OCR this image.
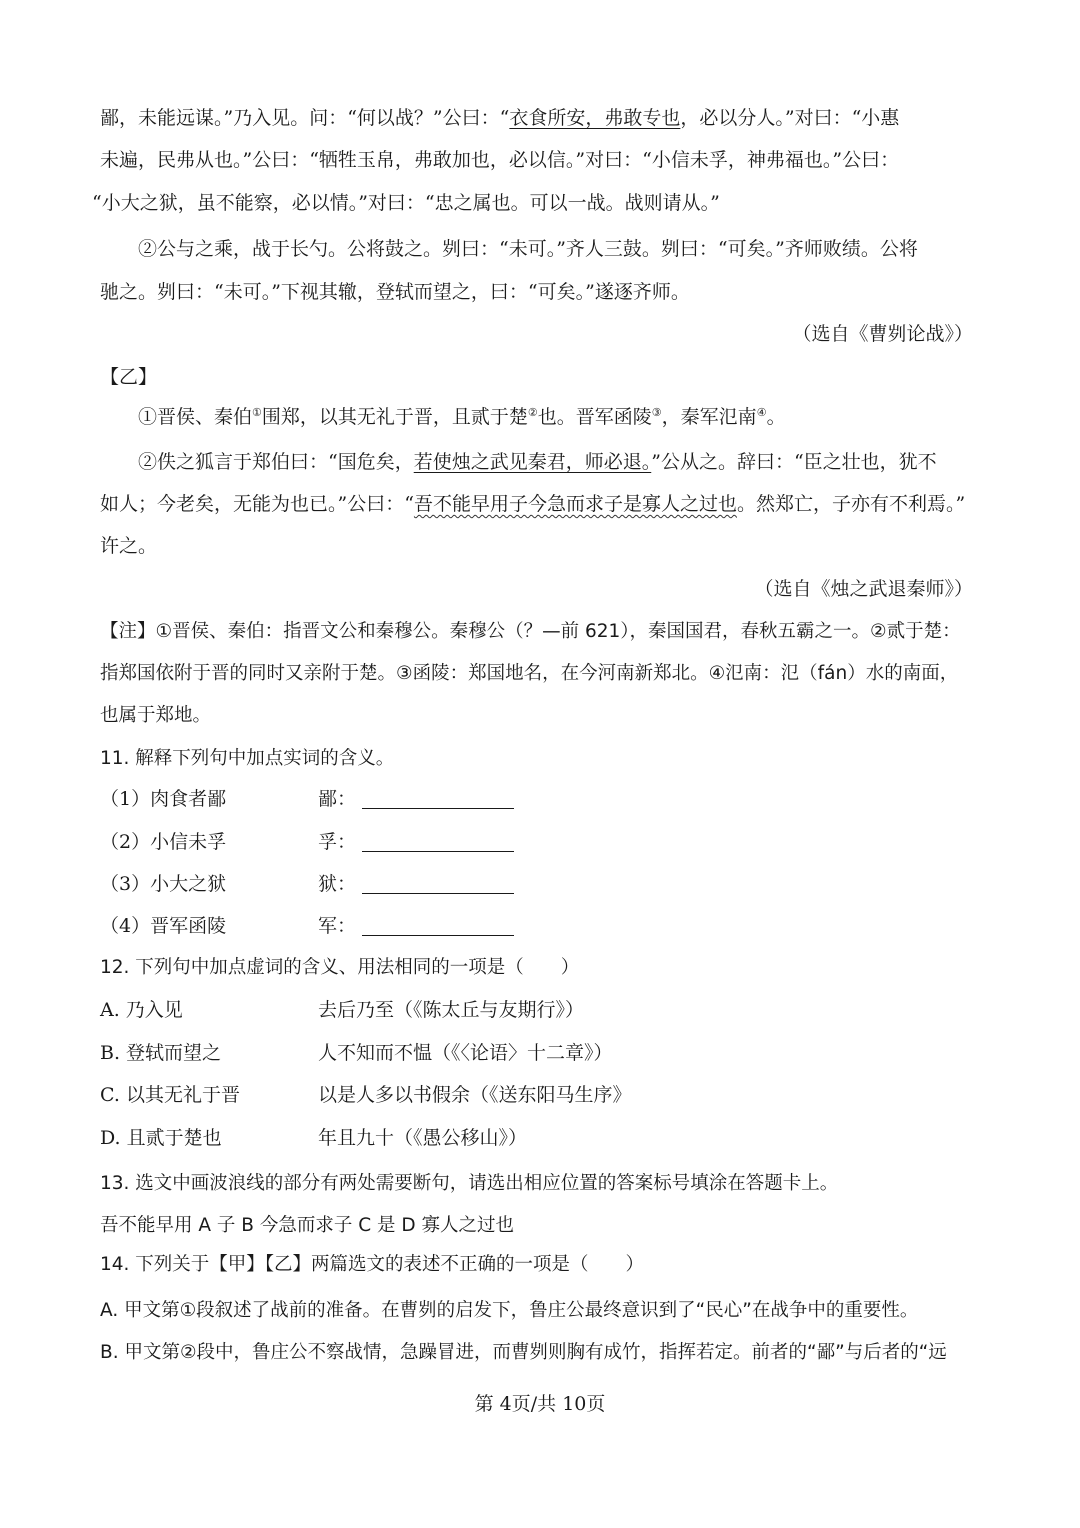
鄙，未能远谋。”乃入见。问：“何以战？”公曰：“衣食所安，弗敢专也，必以分人。”对曰：“小惠
未遍，民弗从也。”公曰：“牺牲玉帛，弗敢加也，必以信。”对曰：“小信未孚，神弗福也。”公曰：
“小大之狱，虽不能察，必以情。”对曰：“忠之属也。可以一战。战则请从。”
②公与之乘，战于长勺。公将鼓之。刿曰：“未可。”齐人三鼓。刿曰：“可矣。”齐师败绩。公将
驰之。刿曰：“未可。”下视其辙，登轼而望之，曰：“可矣。”遂逐齐师。
（选自《曹刿论战》）
【乙】
①晋侯、秦伯①围郑，以其无礼于晋，且贰于楚②也。晋军函陵③，秦军氾南④。
②佚之狐言于郑伯曰：“国危矣，若使烛之武见秦君，师必退。”公从之。辞曰：“臣之壮也，犹不
如人；今老矣，无能为也已。”公曰：“吾不能早用子今急而求子是寡人之过也。然郑亡，子亦有不利焉。”
许之。
（选自《烛之武退秦师》）
【注】①晋侯、秦伯：指晋文公和秦穆公。秦穆公（？—前 621），秦国国君，春秋五霸之一。②贰于楚：
指郑国依附于晋的同时又亲附于楚。③函陵：郑国地名，在今河南新郑北。④氾南：氾（fán）水的南面，
也属于郑地。
11. 解释下列句中加点实词的含义。
（1）肉食者鄙	鄙：
（2）小信未孚	孚：
（3）小大之狱	狱：
（4）晋军函陵	军：
12. 下列句中加点虚词的含义、用法相同的一项是（　　）
A. 乃入见	去后乃至（《陈太丘与友期行》）
B. 登轼而望之	人不知而不愠（《〈论语〉十二章》）
C. 以其无礼于晋	以是人多以书假余（《送东阳马生序》
D. 且贰于楚也	年且九十（《愚公移山》）
13. 选文中画波浪线的部分有两处需要断句，请选出相应位置的答案标号填涂在答题卡上。
吾不能早用 A 子 B 今急而求子 C 是 D 寡人之过也
14. 下列关于【甲】【乙】两篇选文的表述不正确的一项是（　　）
A. 甲文第①段叙述了战前的准备。在曹刿的启发下，鲁庄公最终意识到了“民心”在战争中的重要性。
B. 甲文第②段中，鲁庄公不察战情，急躁冒进，而曹刿则胸有成竹，指挥若定。前者的“鄙”与后者的“远
第 4页/共 10页
